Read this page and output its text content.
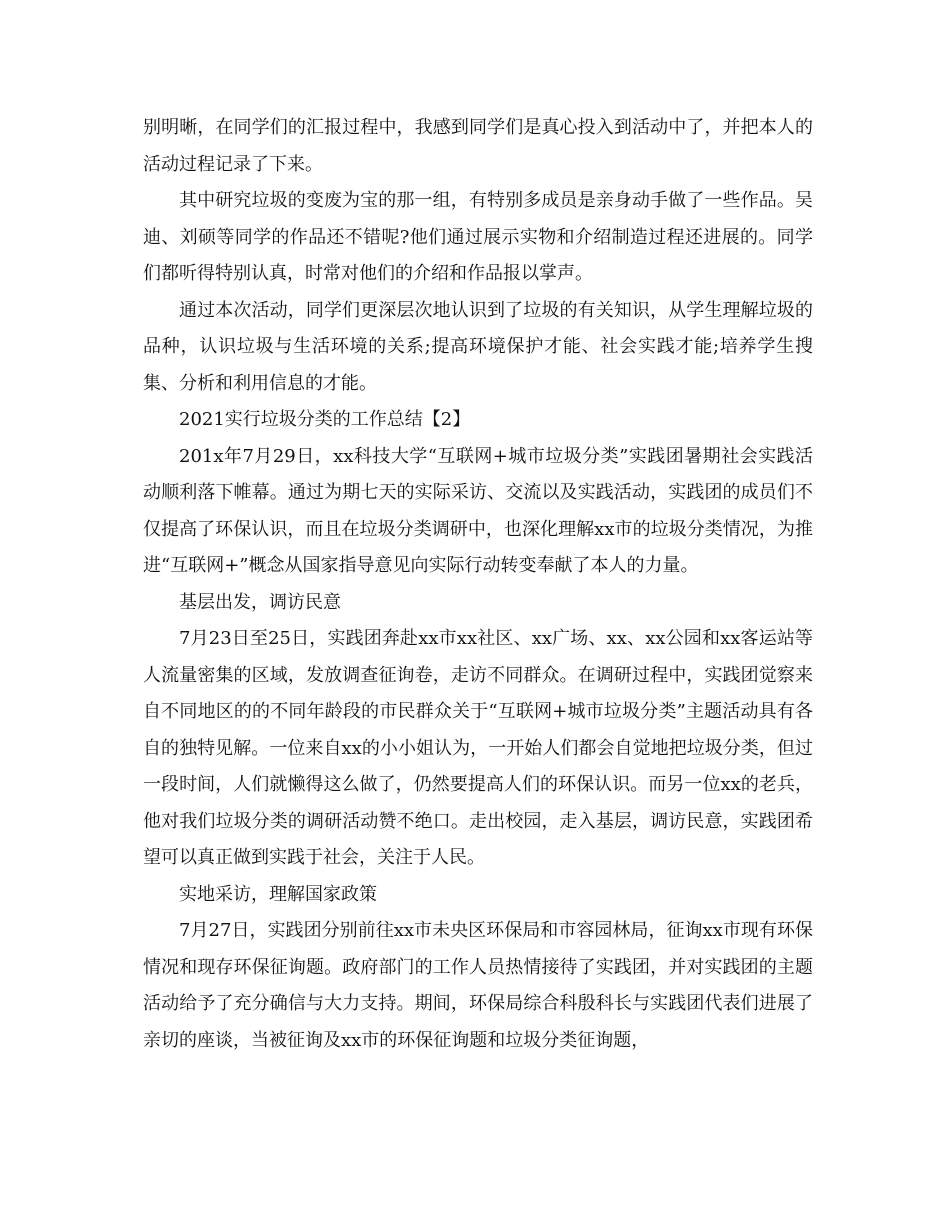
别明晰，在同学们的汇报过程中，我感到同学们是真心投入到活动中了，并把本人的活动过程记录了下来。

其中研究垃圾的变废为宝的那一组，有特别多成员是亲身动手做了一些作品。吴迪、刘硕等同学的作品还不错呢?他们通过展示实物和介绍制造过程还进展的。同学们都听得特别认真，时常对他们的介绍和作品报以掌声。

通过本次活动，同学们更深层次地认识到了垃圾的有关知识，从学生理解垃圾的品种，认识垃圾与生活环境的关系;提高环境保护才能、社会实践才能;培养学生搜集、分析和利用信息的才能。

2021实行垃圾分类的工作总结【2】

201x年7月29日，xx科技大学“互联网+城市垃圾分类”实践团暑期社会实践活动顺利落下帷幕。通过为期七天的实际采访、交流以及实践活动，实践团的成员们不仅提高了环保认识，而且在垃圾分类调研中，也深化理解xx市的垃圾分类情况，为推进“互联网+”概念从国家指导意见向实际行动转变奉献了本人的力量。

基层出发，调访民意

7月23日至25日，实践团奔赴xx市xx社区、xx广场、xx、xx公园和xx客运站等人流量密集的区域，发放调查征询卷，走访不同群众。在调研过程中，实践团觉察来自不同地区的的不同年龄段的市民群众关于“互联网+城市垃圾分类”主题活动具有各自的独特见解。一位来自xx的小小姐认为，一开始人们都会自觉地把垃圾分类，但过一段时间，人们就懒得这么做了，仍然要提高人们的环保认识。而另一位xx的老兵，他对我们垃圾分类的调研活动赞不绝口。走出校园，走入基层，调访民意，实践团希望可以真正做到实践于社会，关注于人民。

实地采访，理解国家政策

7月27日，实践团分别前往xx市未央区环保局和市容园林局，征询xx市现有环保情况和现存环保征询题。政府部门的工作人员热情接待了实践团，并对实践团的主题活动给予了充分确信与大力支持。期间，环保局综合科殷科长与实践团代表们进展了亲切的座谈，当被征询及xx市的环保征询题和垃圾分类征询题，
